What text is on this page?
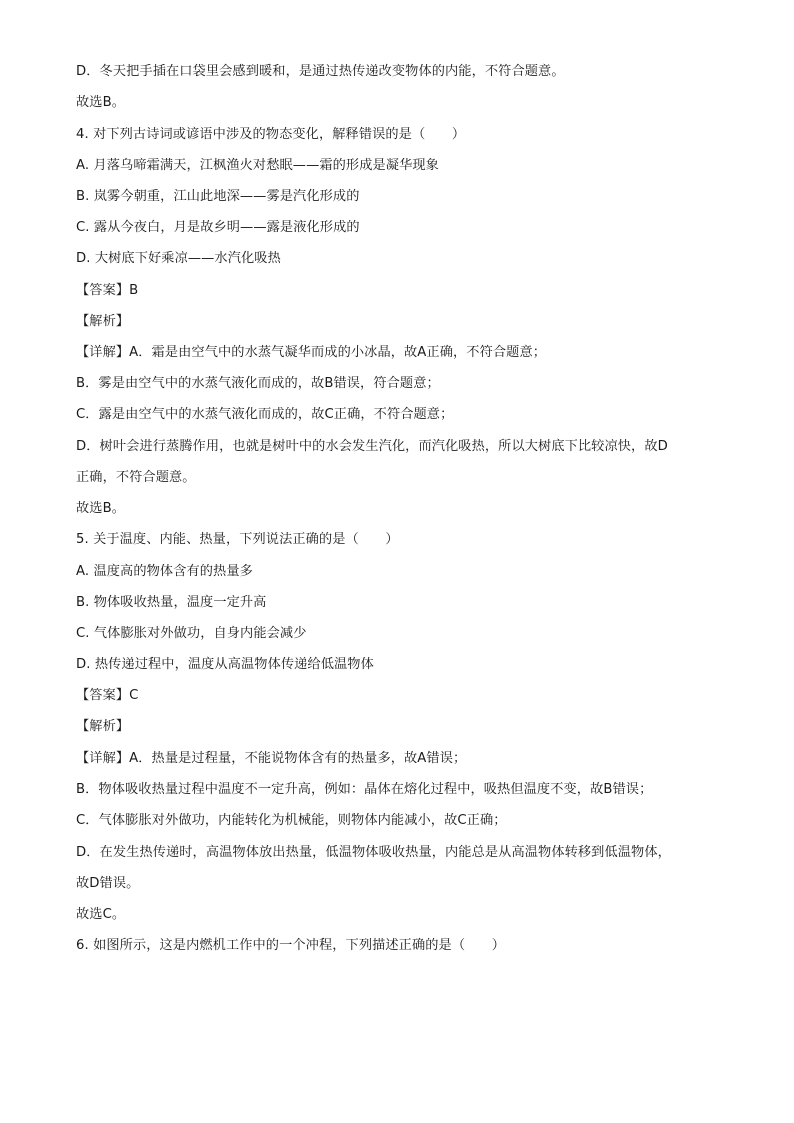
D．冬天把手插在口袋里会感到暖和，是通过热传递改变物体的内能，不符合题意。
故选B。
4. 对下列古诗词或谚语中涉及的物态变化，解释错误的是（　　）
A. 月落乌啼霜满天，江枫渔火对愁眠——霜的形成是凝华现象
B. 岚雾今朝重，江山此地深——雾是汽化形成的
C. 露从今夜白，月是故乡明——露是液化形成的
D. 大树底下好乘凉——水汽化吸热
【答案】B
【解析】
【详解】A．霜是由空气中的水蒸气凝华而成的小冰晶，故A正确，不符合题意；
B．雾是由空气中的水蒸气液化而成的，故B错误，符合题意；
C．露是由空气中的水蒸气液化而成的，故C正确，不符合题意；
D．树叶会进行蒸腾作用，也就是树叶中的水会发生汽化，而汽化吸热，所以大树底下比较凉快，故D
正确，不符合题意。
故选B。
5. 关于温度、内能、热量，下列说法正确的是（　　）
A. 温度高的物体含有的热量多
B. 物体吸收热量，温度一定升高
C. 气体膨胀对外做功，自身内能会减少
D. 热传递过程中，温度从高温物体传递给低温物体
【答案】C
【解析】
【详解】A．热量是过程量，不能说物体含有的热量多，故A错误；
B．物体吸收热量过程中温度不一定升高，例如：晶体在熔化过程中，吸热但温度不变，故B错误；
C．气体膨胀对外做功，内能转化为机械能，则物体内能减小，故C正确；
D．在发生热传递时，高温物体放出热量，低温物体吸收热量，内能总是从高温物体转移到低温物体，
故D错误。
故选C。
6. 如图所示，这是内燃机工作中的一个冲程，下列描述正确的是（　　）
